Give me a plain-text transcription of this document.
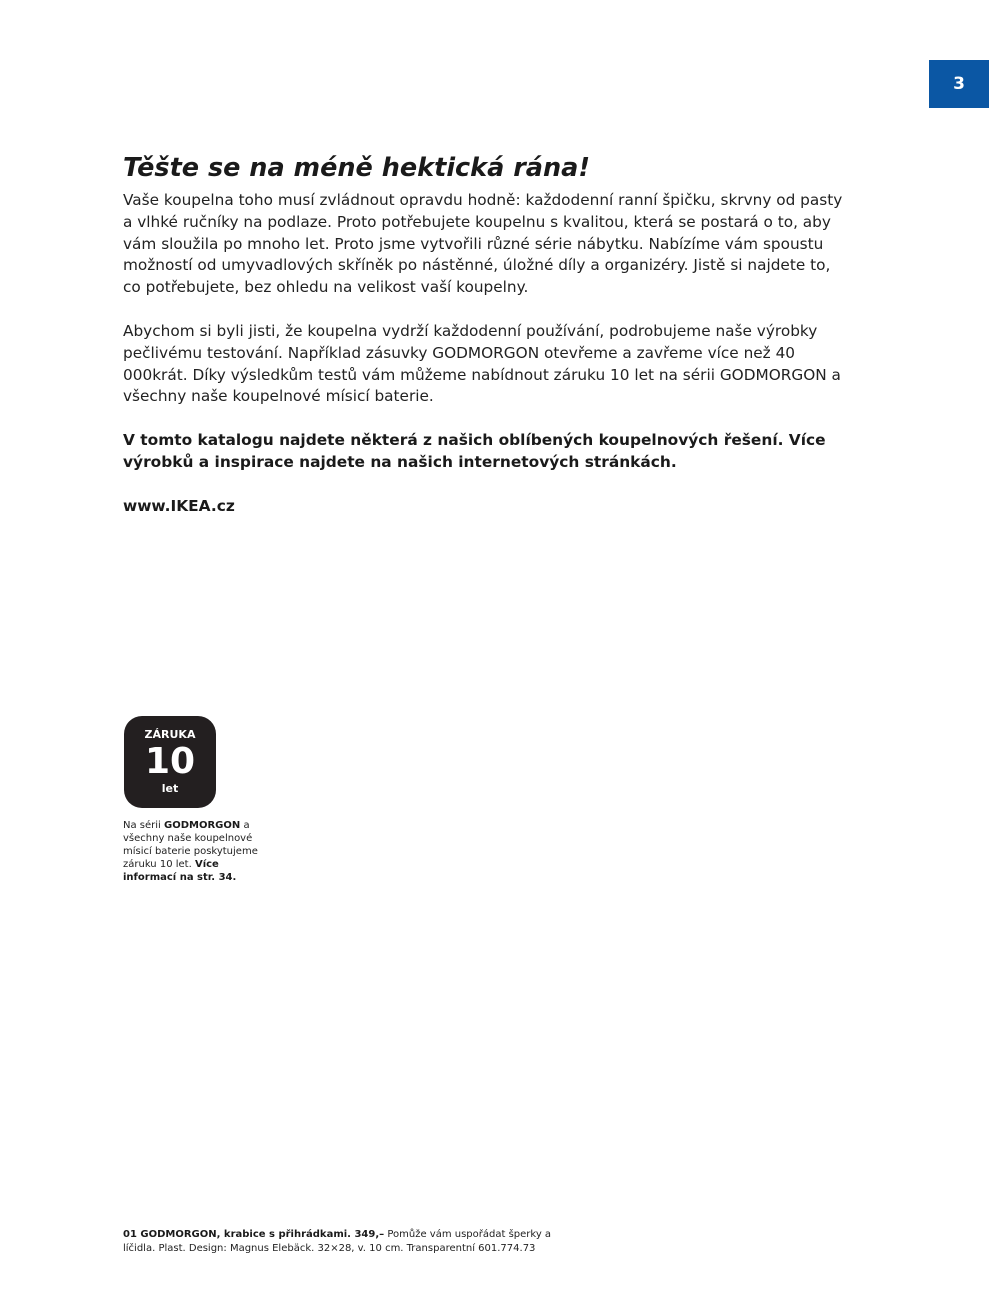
3
Těšte se na méně hektická rána!

Vaše koupelna toho musí zvládnout opravdu hodně: každodenní ranní špičku, skrvny od pasty a vlhké ručníky na podlaze. Proto potřebujete koupelnu s kvalitou, která se postará o to, aby vám sloužila po mnoho let. Proto jsme vytvořili různé série nábytku. Nabízíme vám spoustu možností od umyvadlových skříněk po nástěnné, úložné díly a organizéry. Jistě si najdete to, co potřebujete, bez ohledu na velikost vaší koupelny.

Abychom si byli jisti, že koupelna vydrží každodenní používání, podrobujeme naše výrobky pečlivému testování. Například zásuvky GODMORGON otevřeme a zavřeme více než 40 000krát. Díky výsledkům testů vám můžeme nabídnout záruku 10 let na sérii GODMORGON a všechny naše koupelnové mísicí baterie.

V tomto katalogu najdete některá z našich oblíbených koupelnových řešení. Více výrobků a inspirace najdete na našich internetových stránkách.

www.IKEA.cz

ZÁRUKA
10
let
Na sérii GODMORGON a všechny naše koupelnové mísicí baterie poskytujeme záruku 10 let. Více informací na str. 34.
01 GODMORGON, krabice s přihrádkami. 349,– Pomůže vám uspořádat šperky a líčidla. Plast. Design: Magnus Elebäck. 32×28, v. 10 cm. Transparentní 601.774.73
